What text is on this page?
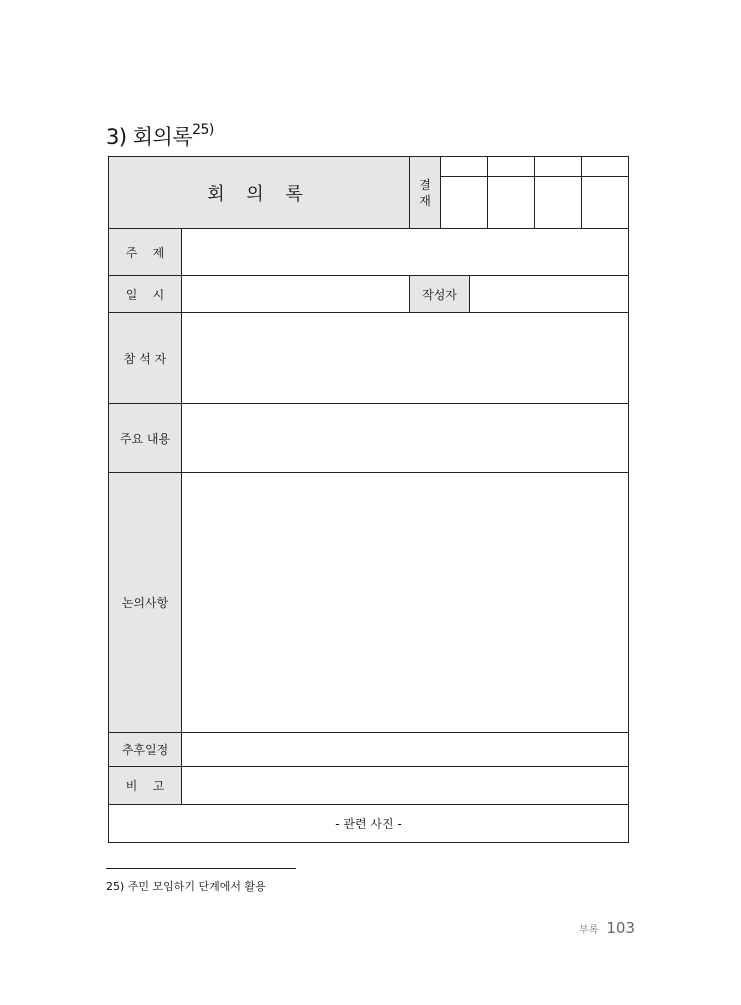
3) 회의록$^{25)}$
회 의 록	결
재
주    제
일    시	작성자
참 석 자
주요 내용
논의사항
추후일정
비    고
- 관련 사진 -
25) 주민 모임하기 단계에서 활용
부록 103
